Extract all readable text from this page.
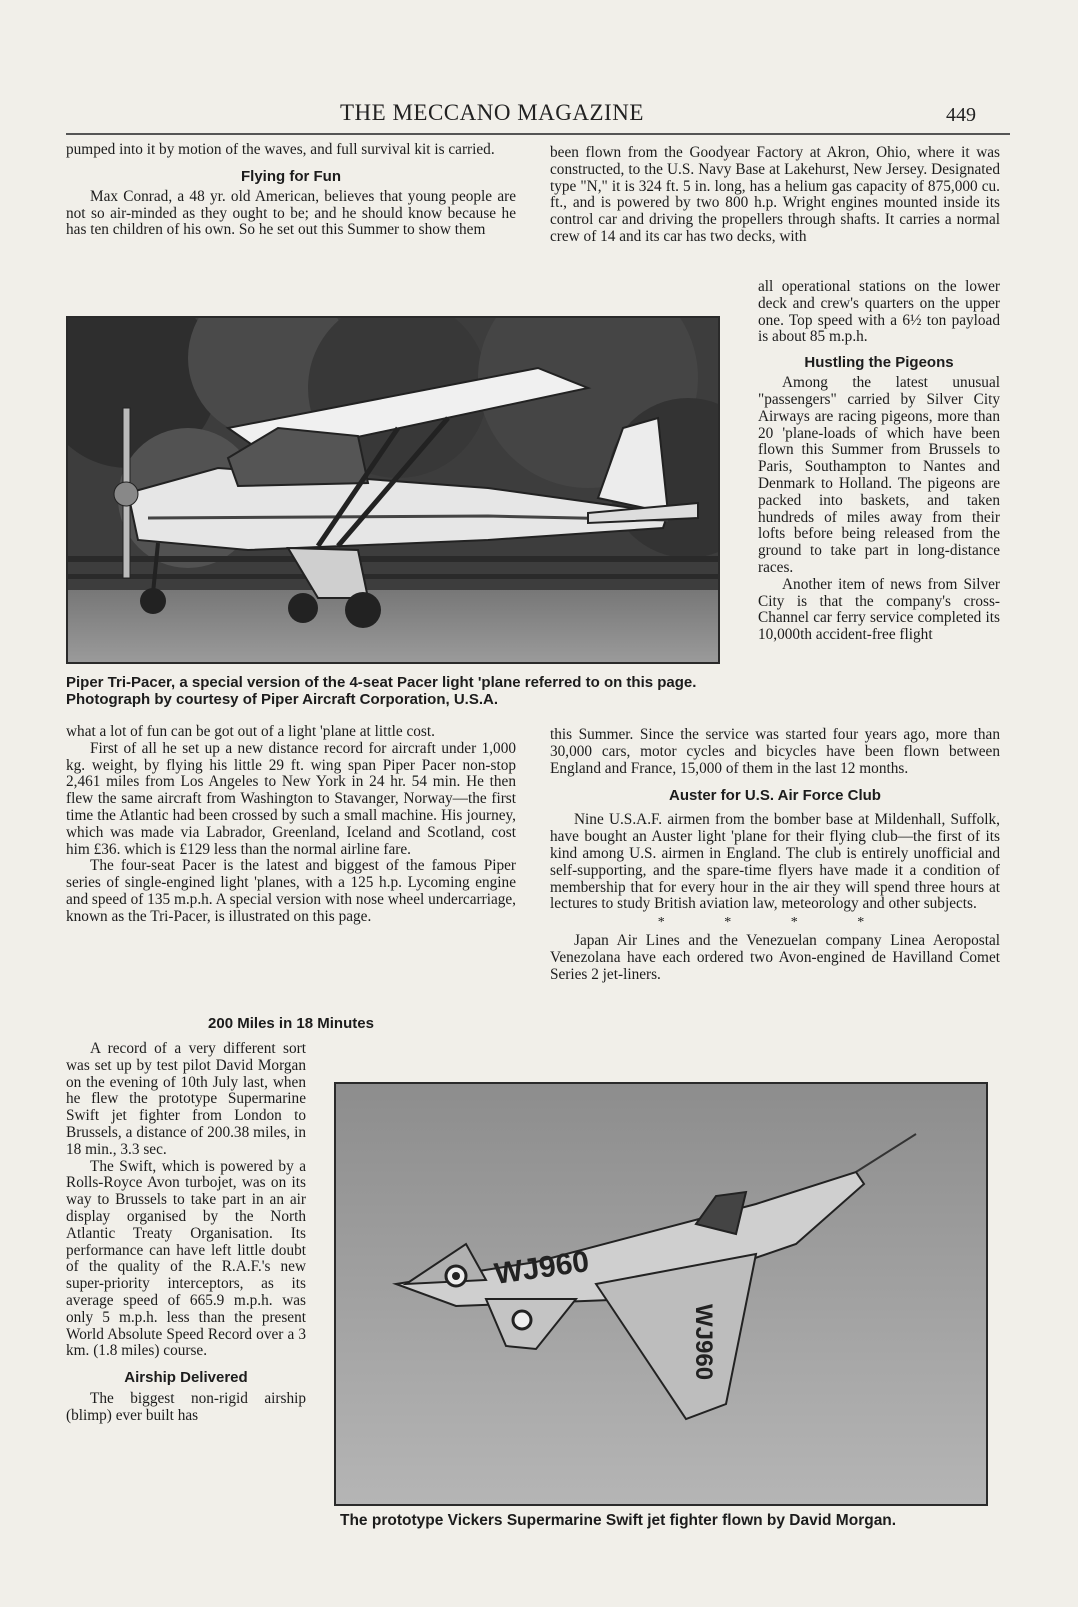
THE MECCANO MAGAZINE	449

pumped into it by motion of the waves, and full survival kit is carried.

Flying for Fun

Max Conrad, a 48 yr. old American, believes that young people are not so air-minded as they ought to be; and he should know because he has ten children of his own. So he set out this Summer to show them

been flown from the Goodyear Factory at Akron, Ohio, where it was constructed, to the U.S. Navy Base at Lakehurst, New Jersey. Designated type "N," it is 324 ft. 5 in. long, has a helium gas capacity of 875,000 cu. ft., and is powered by two 800 h.p. Wright engines mounted inside its control car and driving the propellers through shafts. It carries a normal crew of 14 and its car has two decks, with

all operational stations on the lower deck and crew's quarters on the upper one. Top speed with a 6½ ton payload is about 85 m.p.h.

Hustling the Pigeons

Among the latest unusual "passengers" carried by Silver City Airways are racing pigeons, more than 20 'plane-loads of which have been flown this Summer from Brussels to Paris, Southampton to Nantes and Denmark to Holland. The pigeons are packed into baskets, and taken hundreds of miles away from their lofts before being released from the ground to take part in long-distance races.

Another item of news from Silver City is that the company's cross-Channel car ferry service completed its 10,000th accident-free flight

Piper Tri-Pacer, a special version of the 4-seat Pacer light 'plane referred to on this page. Photograph by courtesy of Piper Aircraft Corporation, U.S.A.

what a lot of fun can be got out of a light 'plane at little cost.

First of all he set up a new distance record for aircraft under 1,000 kg. weight, by flying his little 29 ft. wing span Piper Pacer non-stop 2,461 miles from Los Angeles to New York in 24 hr. 54 min. He then flew the same aircraft from Washington to Stavanger, Norway—the first time the Atlantic had been crossed by such a small machine. His journey, which was made via Labrador, Greenland, Iceland and Scotland, cost him £36. which is £129 less than the normal airline fare.

The four-seat Pacer is the latest and biggest of the famous Piper series of single-engined light 'planes, with a 125 h.p. Lycoming engine and speed of 135 m.p.h. A special version with nose wheel undercarriage, known as the Tri-Pacer, is illustrated on this page.

200 Miles in 18 Minutes

this Summer. Since the service was started four years ago, more than 30,000 cars, motor cycles and bicycles have been flown between England and France, 15,000 of them in the last 12 months.

Auster for U.S. Air Force Club

Nine U.S.A.F. airmen from the bomber base at Mildenhall, Suffolk, have bought an Auster light 'plane for their flying club—the first of its kind among U.S. airmen in England. The club is entirely unofficial and self-supporting, and the spare-time flyers have made it a condition of membership that for every hour in the air they will spend three hours at lectures to study British aviation law, meteorology and other subjects.

* * * *

Japan Air Lines and the Venezuelan company Linea Aeropostal Venezolana have each ordered two Avon-engined de Havilland Comet Series 2 jet-liners.

A record of a very different sort was set up by test pilot David Morgan on the evening of 10th July last, when he flew the prototype Supermarine Swift jet fighter from London to Brussels, a distance of 200.38 miles, in 18 min., 3.3 sec.

The Swift, which is powered by a Rolls-Royce Avon turbojet, was on its way to Brussels to take part in an air display organised by the North Atlantic Treaty Organisation. Its performance can have left little doubt of the quality of the R.A.F.'s new super-priority interceptors, as its average speed of 665.9 m.p.h. was only 5 m.p.h. less than the present World Absolute Speed Record over a 3 km. (1.8 miles) course.

Airship Delivered

The biggest non-rigid airship (blimp) ever built has

WJ960
WJ960
The prototype Vickers Supermarine Swift jet fighter flown by David Morgan.
